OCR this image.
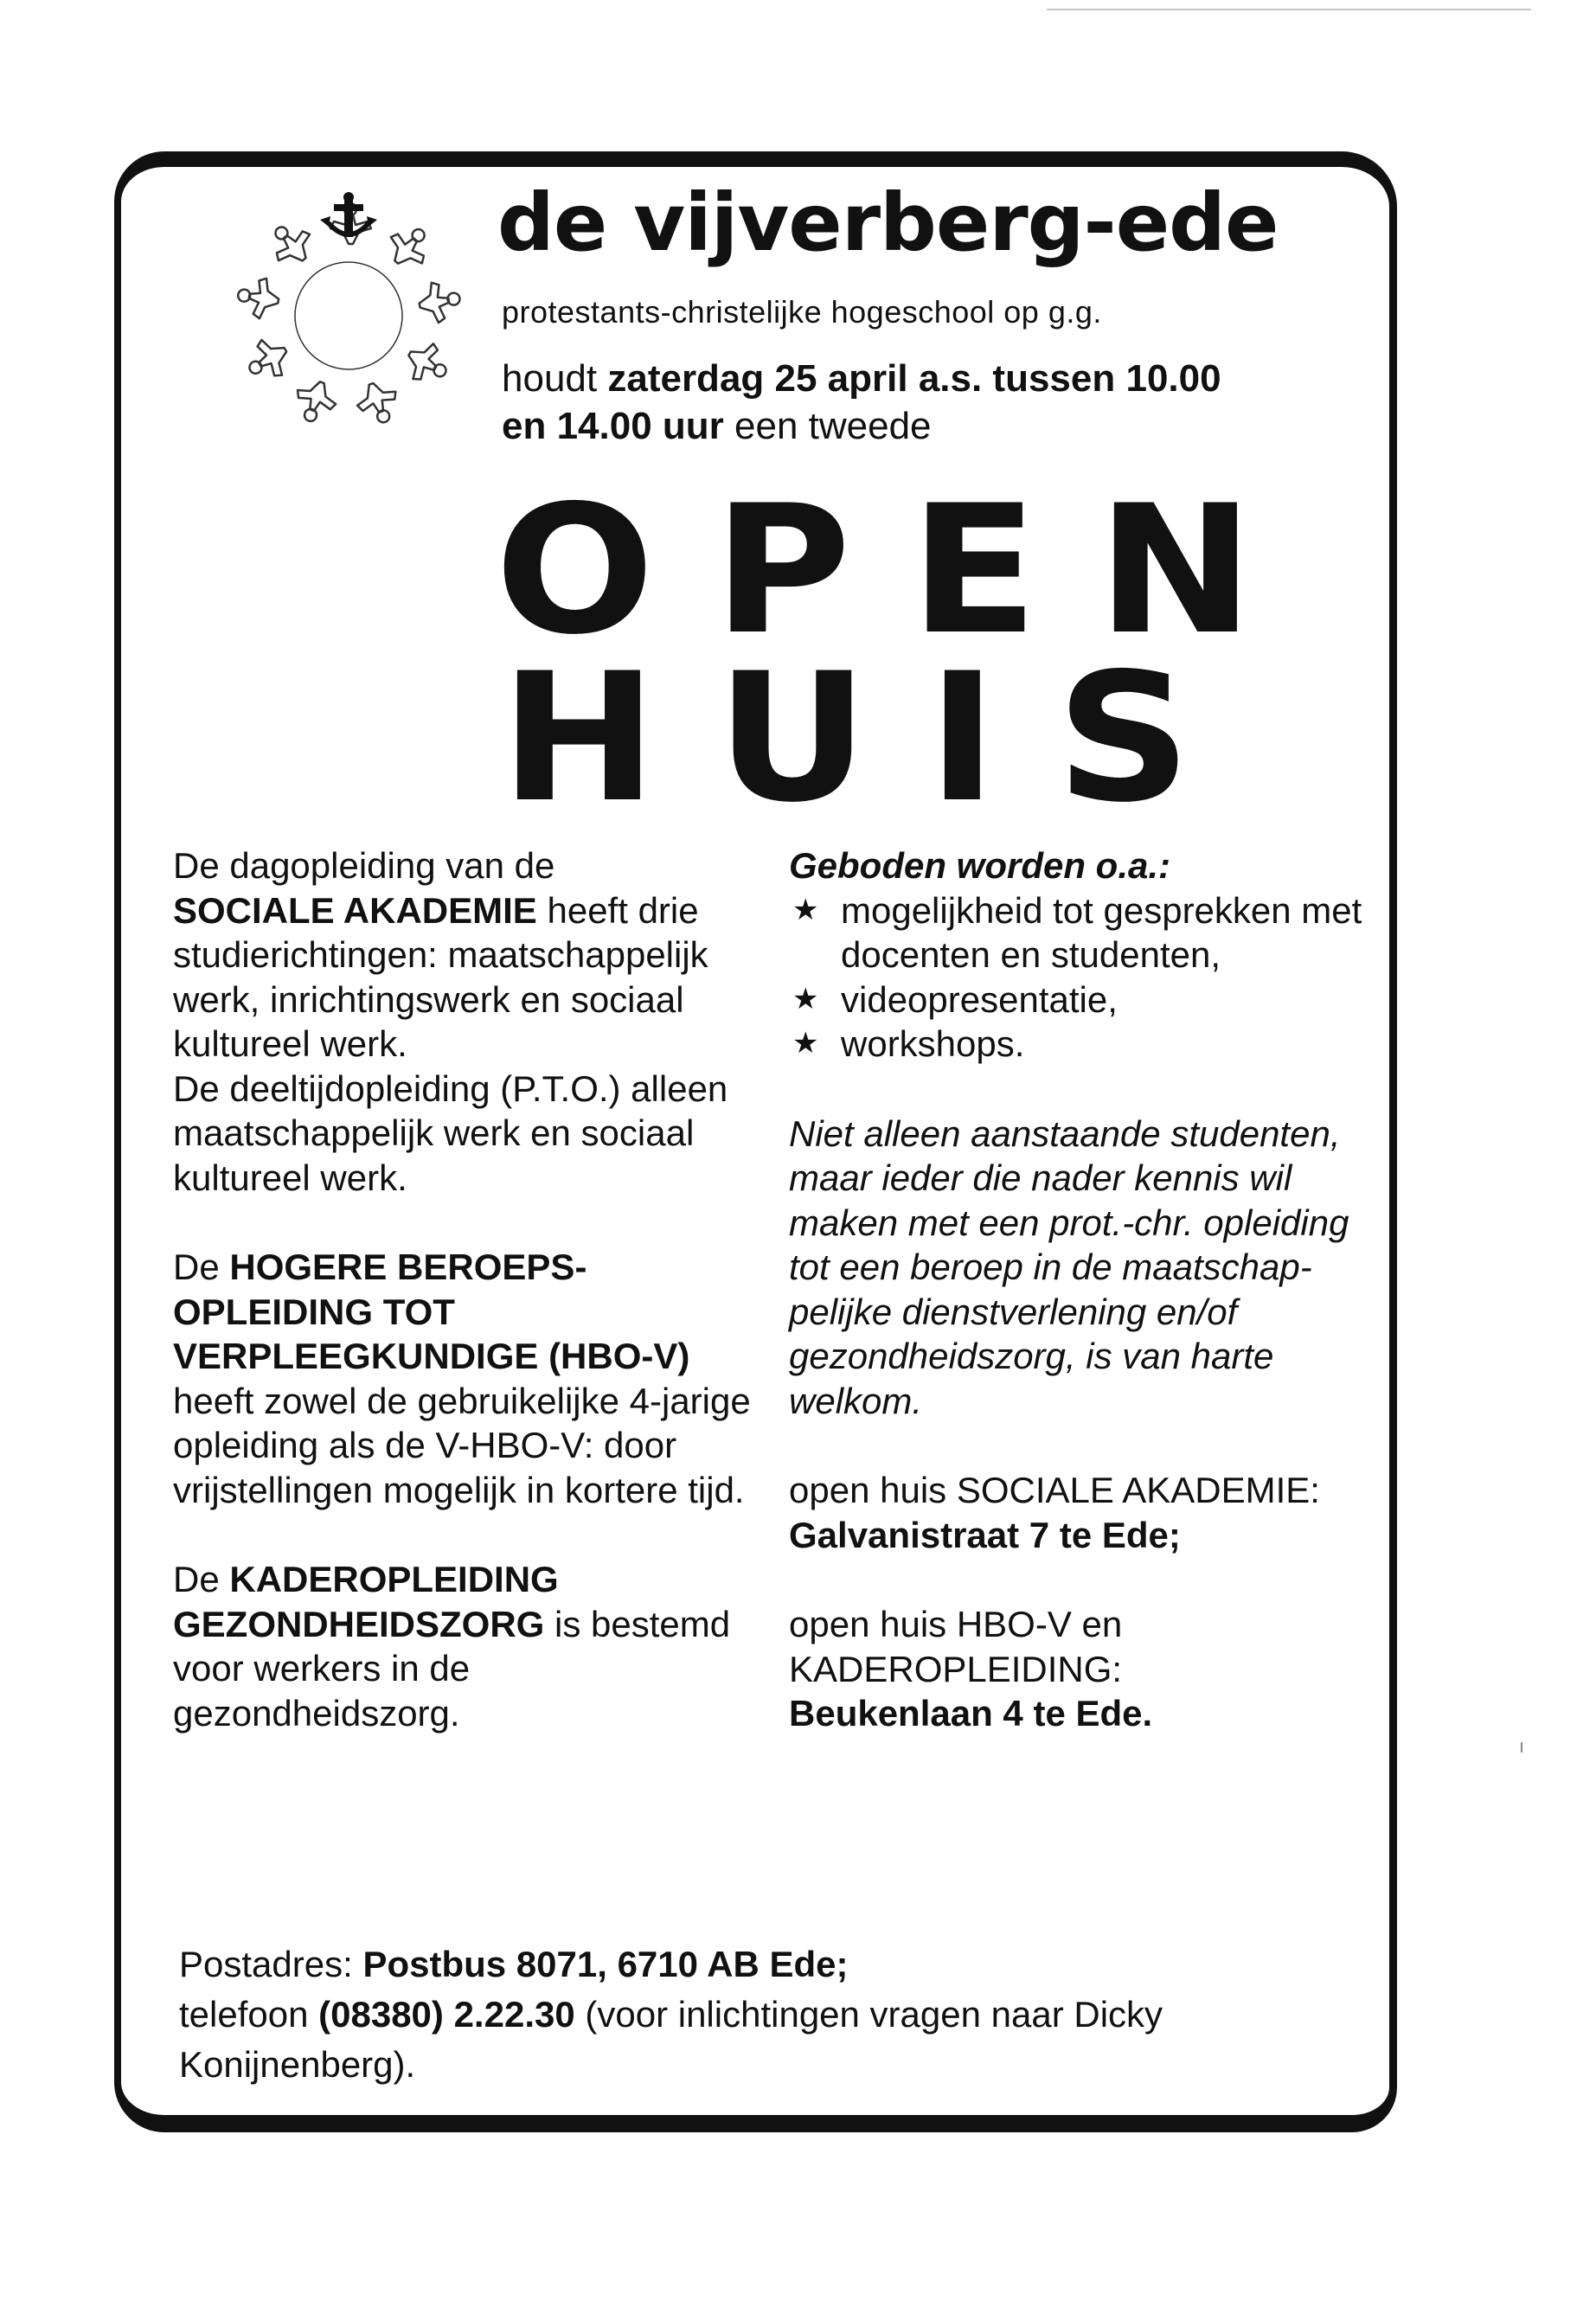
de vijverberg-ede
protestants-christelijke hogeschool op g.g.
houdt zaterdag 25 april a.s. tussen 10.00
en 14.00 uur een tweede
OPEN
HUIS

De dagopleiding van de
SOCIALE AKADEMIE heeft drie studierichtingen: maatschappelijk werk, inrichtingswerk en sociaal kultureel werk.
De deeltijdopleiding (P.T.O.) alleen maatschappelijk werk en sociaal kultureel werk.

De HOGERE BEROEPS-OPLEIDING TOT VERPLEEGKUNDIGE (HBO-V) heeft zowel de gebruikelijke 4-jarige opleiding als de V-HBO-V: door vrijstellingen mogelijk in kortere tijd.

De KADEROPLEIDING GEZONDHEIDSZORG is bestemd voor werkers in de gezondheidszorg.

Geboden worden o.a.:

★ mogelijkheid tot gesprekken met docenten en studenten,
★ videopresentatie,
★ workshops.

Niet alleen aanstaande studenten, maar ieder die nader kennis wil maken met een prot.-chr. opleiding tot een beroep in de maatschap-pelijke dienstverlening en/of gezondheidszorg, is van harte welkom.

open huis SOCIALE AKADEMIE:
Galvanistraat 7 te Ede;

open huis HBO-V en KADEROPLEIDING:
Beukenlaan 4 te Ede.

Postadres: Postbus 8071, 6710 AB Ede;
telefoon (08380) 2.22.30 (voor inlichtingen vragen naar Dicky Konijnenberg).
